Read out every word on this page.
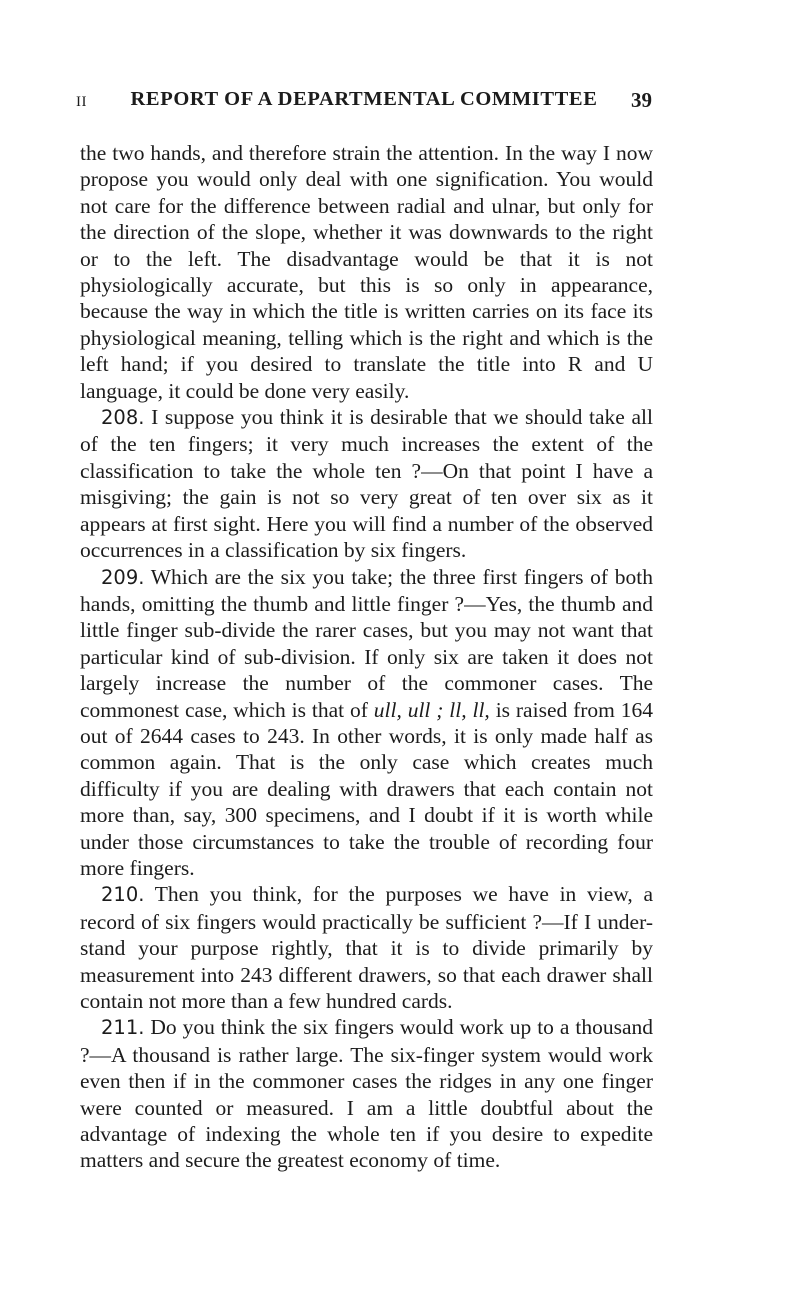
II	REPORT OF A DEPARTMENTAL COMMITTEE	39

the two hands, and therefore strain the attention. In the way I now propose you would only deal with one signification. You would not care for the difference between radial and ulnar, but only for the direction of the slope, whether it was downwards to the right or to the left. The disadvantage would be that it is not physiologically accurate, but this is so only in appearance, because the way in which the title is written carries on its face its physiological meaning, telling which is the right and which is the left hand; if you desired to translate the title into R and U language, it could be done very easily.

208. I suppose you think it is desirable that we should take all of the ten fingers; it very much increases the extent of the classification to take the whole ten ?—On that point I have a misgiving; the gain is not so very great of ten over six as it appears at first sight. Here you will find a number of the observed occurrences in a classification by six fingers.

209. Which are the six you take; the three first fingers of both hands, omitting the thumb and little finger ?—Yes, the thumb and little finger sub-divide the rarer cases, but you may not want that particular kind of sub-division. If only six are taken it does not largely increase the number of the commoner cases. The commonest case, which is that of ull, ull ; ll, ll, is raised from 164 out of 2644 cases to 243. In other words, it is only made half as common again. That is the only case which creates much difficulty if you are dealing with drawers that each contain not more than, say, 300 specimens, and I doubt if it is worth while under those circumstances to take the trouble of recording four more fingers.

210. Then you think, for the purposes we have in view, a record of six fingers would practically be sufficient ?—If I under-stand your purpose rightly, that it is to divide primarily by measurement into 243 different drawers, so that each drawer shall contain not more than a few hundred cards.

211. Do you think the six fingers would work up to a thousand ?—A thousand is rather large. The six-finger system would work even then if in the commoner cases the ridges in any one finger were counted or measured. I am a little doubtful about the advantage of indexing the whole ten if you desire to expedite matters and secure the greatest economy of time.
